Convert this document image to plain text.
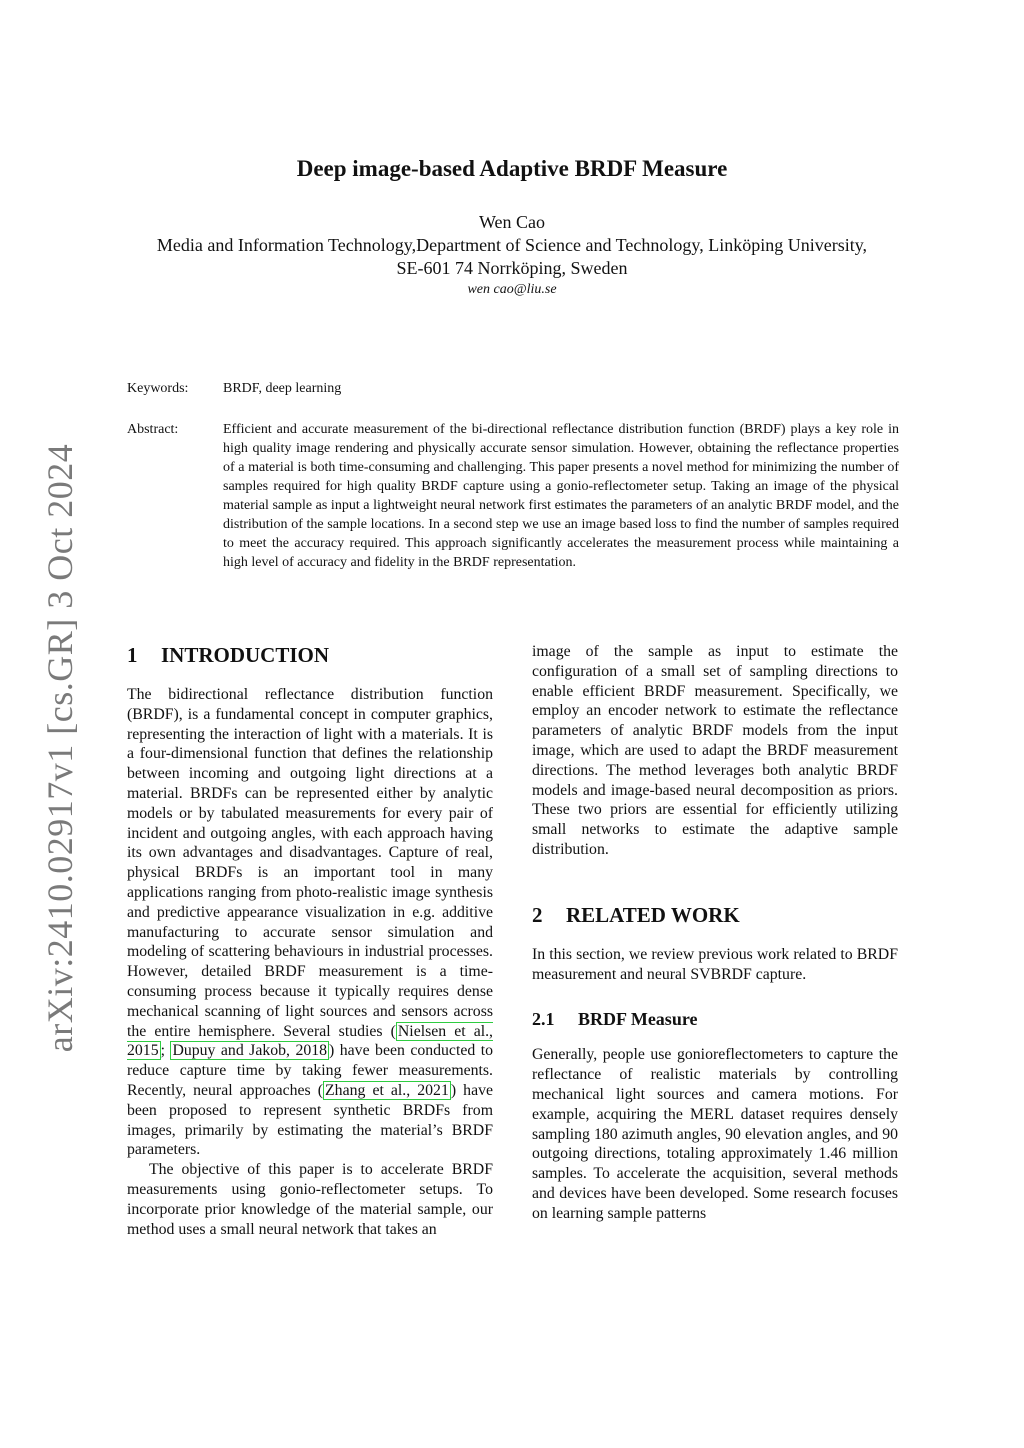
arXiv:2410.02917v1 [cs.GR] 3 Oct 2024
Deep image-based Adaptive BRDF Measure
Wen Cao
Media and Information Technology,Department of Science and Technology, Linköping University,
SE-601 74 Norrköping, Sweden
wen cao@liu.se
Keywords: BRDF, deep learning
Abstract:	Efficient and accurate measurement of the bi-directional reflectance distribution function (BRDF) plays a key role in high quality image rendering and physically accurate sensor simulation. However, obtaining the reflectance properties of a material is both time-consuming and challenging. This paper presents a novel method for minimizing the number of samples required for high quality BRDF capture using a gonio-reflectometer setup. Taking an image of the physical material sample as input a lightweight neural network first estimates the parameters of an analytic BRDF model, and the distribution of the sample locations. In a second step we use an image based loss to find the number of samples required to meet the accuracy required. This approach significantly accelerates the measurement process while maintaining a high level of accuracy and fidelity in the BRDF representation.
1 INTRODUCTION

The bidirectional reflectance distribution function (BRDF), is a fundamental concept in computer graphics, representing the interaction of light with a materials. It is a four-dimensional function that defines the relationship between incoming and outgoing light directions at a material. BRDFs can be represented either by analytic models or by tabulated measurements for every pair of incident and outgoing angles, with each approach having its own advantages and disadvantages. Capture of real, physical BRDFs is an important tool in many applications ranging from photo-realistic image synthesis and predictive appearance visualization in e.g. additive manufacturing to accurate sensor simulation and modeling of scattering behaviours in industrial processes. However, detailed BRDF measurement is a time-consuming process because it typically requires dense mechanical scanning of light sources and sensors across the entire hemisphere. Several studies ( Nielsen et al., 2015 ; Dupuy and Jakob, 2018 ) have been conducted to reduce capture time by taking fewer measurements. Recently, neural approaches ( Zhang et al., 2021 ) have been proposed to represent synthetic BRDFs from images, primarily by estimating the material’s BRDF parameters.

The objective of this paper is to accelerate BRDF measurements using gonio-reflectometer setups. To incorporate prior knowledge of the material sample, our method uses a small neural network that takes an

image of the sample as input to estimate the configuration of a small set of sampling directions to enable efficient BRDF measurement. Specifically, we employ an encoder network to estimate the reflectance parameters of analytic BRDF models from the input image, which are used to adapt the BRDF measurement directions. The method leverages both analytic BRDF models and image-based neural decomposition as priors. These two priors are essential for efficiently utilizing small networks to estimate the adaptive sample distribution.

2 RELATED WORK

In this section, we review previous work related to BRDF measurement and neural SVBRDF capture.

2.1 BRDF Measure

Generally, people use gonioreflectometers to capture the reflectance of realistic materials by controlling mechanical light sources and camera motions. For example, acquiring the MERL dataset requires densely sampling 180 azimuth angles, 90 elevation angles, and 90 outgoing directions, totaling approximately 1.46 million samples. To accelerate the acquisition, several methods and devices have been developed. Some research focuses on learning sample patterns
